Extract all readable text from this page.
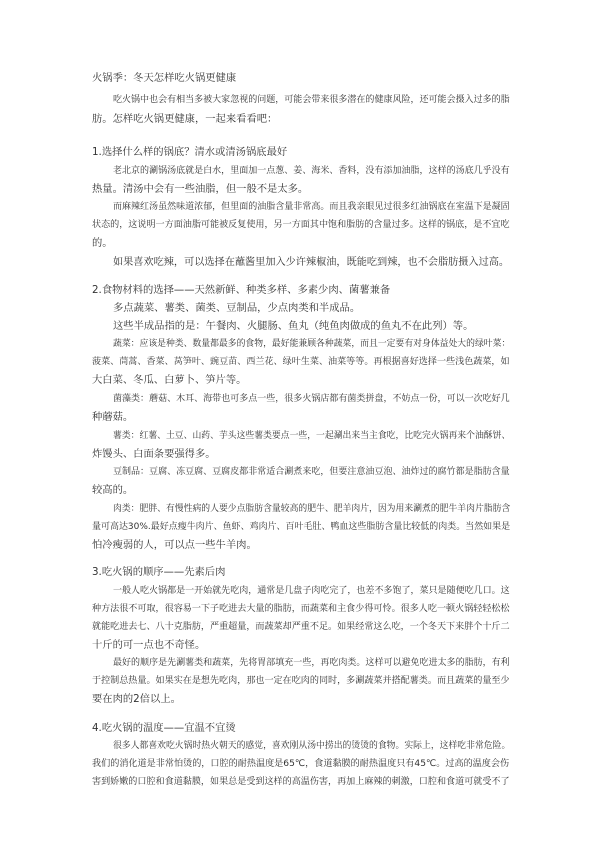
火锅季：冬天怎样吃火锅更健康
吃火锅中也会有相当多被大家忽视的问题，可能会带来很多潜在的健康风险，还可能会摄入过多的脂
肪。怎样吃火锅更健康，一起来看看吧：
1.选择什么样的锅底？清水或清汤锅底最好
老北京的涮锅汤底就是白水，里面加一点葱、姜、海米、香料，没有添加油脂，这样的汤底几乎没有
热量。清汤中会有一些油脂，但一般不是太多。
而麻辣红汤虽然味道浓郁，但里面的油脂含量非常高。而且我亲眼见过很多红油锅底在室温下是凝固
状态的，这说明一方面油脂可能被反复使用，另一方面其中饱和脂肪的含量过多。这样的锅底，是不宜吃
的。
如果喜欢吃辣，可以选择在蘸酱里加入少许辣椒油，既能吃到辣，也不会脂肪摄入过高。
2.食物材料的选择——天然新鲜、种类多样、多素少肉、菌薯兼备
多点蔬菜、薯类、菌类、豆制品，少点肉类和半成品。
这些半成品指的是：午餐肉、火腿肠、鱼丸（纯鱼肉做成的鱼丸不在此列）等。
蔬菜：应该是种类、数量都最多的食物，最好能兼顾各种蔬菜，而且一定要有对身体益处大的绿叶菜：
菠菜、茼蒿、香菜、莴笋叶、豌豆苗、西兰花、绿叶生菜、油菜等等。再根据喜好选择一些浅色蔬菜，如
大白菜、冬瓜、白萝卜、笋片等。
菌藻类：蘑菇、木耳、海带也可多点一些，很多火锅店都有菌类拼盘，不妨点一份，可以一次吃好几
种蘑菇。
薯类：红薯、土豆、山药、芋头这些薯类要点一些，一起涮出来当主食吃，比吃完火锅再来个油酥饼、
炸馒头、白面条要强得多。
豆制品：豆腐、冻豆腐、豆腐皮都非常适合涮煮来吃，但要注意油豆泡、油炸过的腐竹都是脂肪含量
较高的。
肉类：肥胖、有慢性病的人要少点脂肪含量较高的肥牛、肥羊肉片，因为用来涮煮的肥牛羊肉片脂肪含
量可高达30%.最好点瘦牛肉片、鱼虾、鸡肉片、百叶毛肚、鸭血这些脂肪含量比较低的肉类。当然如果是
怕冷瘦弱的人，可以点一些牛羊肉。
3.吃火锅的顺序——先素后肉
一般人吃火锅都是一开始就先吃肉，通常是几盘子肉吃完了，也差不多饱了，菜只是随便吃几口。这
种方法很不可取，很容易一下子吃进去大量的脂肪，而蔬菜和主食少得可怜。很多人吃一顿火锅轻轻松松
就能吃进去七、八十克脂肪，严重超量，而蔬菜却严重不足。如果经常这么吃，一个冬天下来胖个十斤二
十斤的可一点也不奇怪。
最好的顺序是先涮薯类和蔬菜，先将胃部填充一些，再吃肉类。这样可以避免吃进太多的脂肪，有利
于控制总热量。如果实在是想先吃肉，那也一定在吃肉的同时，多涮蔬菜并搭配薯类。而且蔬菜的量至少
要在肉的2倍以上。
4.吃火锅的温度——宜温不宜烫
很多人都喜欢吃火锅时热火朝天的感觉，喜欢刚从汤中捞出的烫烫的食物。实际上，这样吃非常危险。
我们的消化道是非常怕烫的，口腔的耐热温度是65℃，食道黏膜的耐热温度只有45℃。过高的温度会伤
害到娇嫩的口腔和食道黏膜，如果总是受到这样的高温伤害，再加上麻辣的刺激，口腔和食道可就受不了
